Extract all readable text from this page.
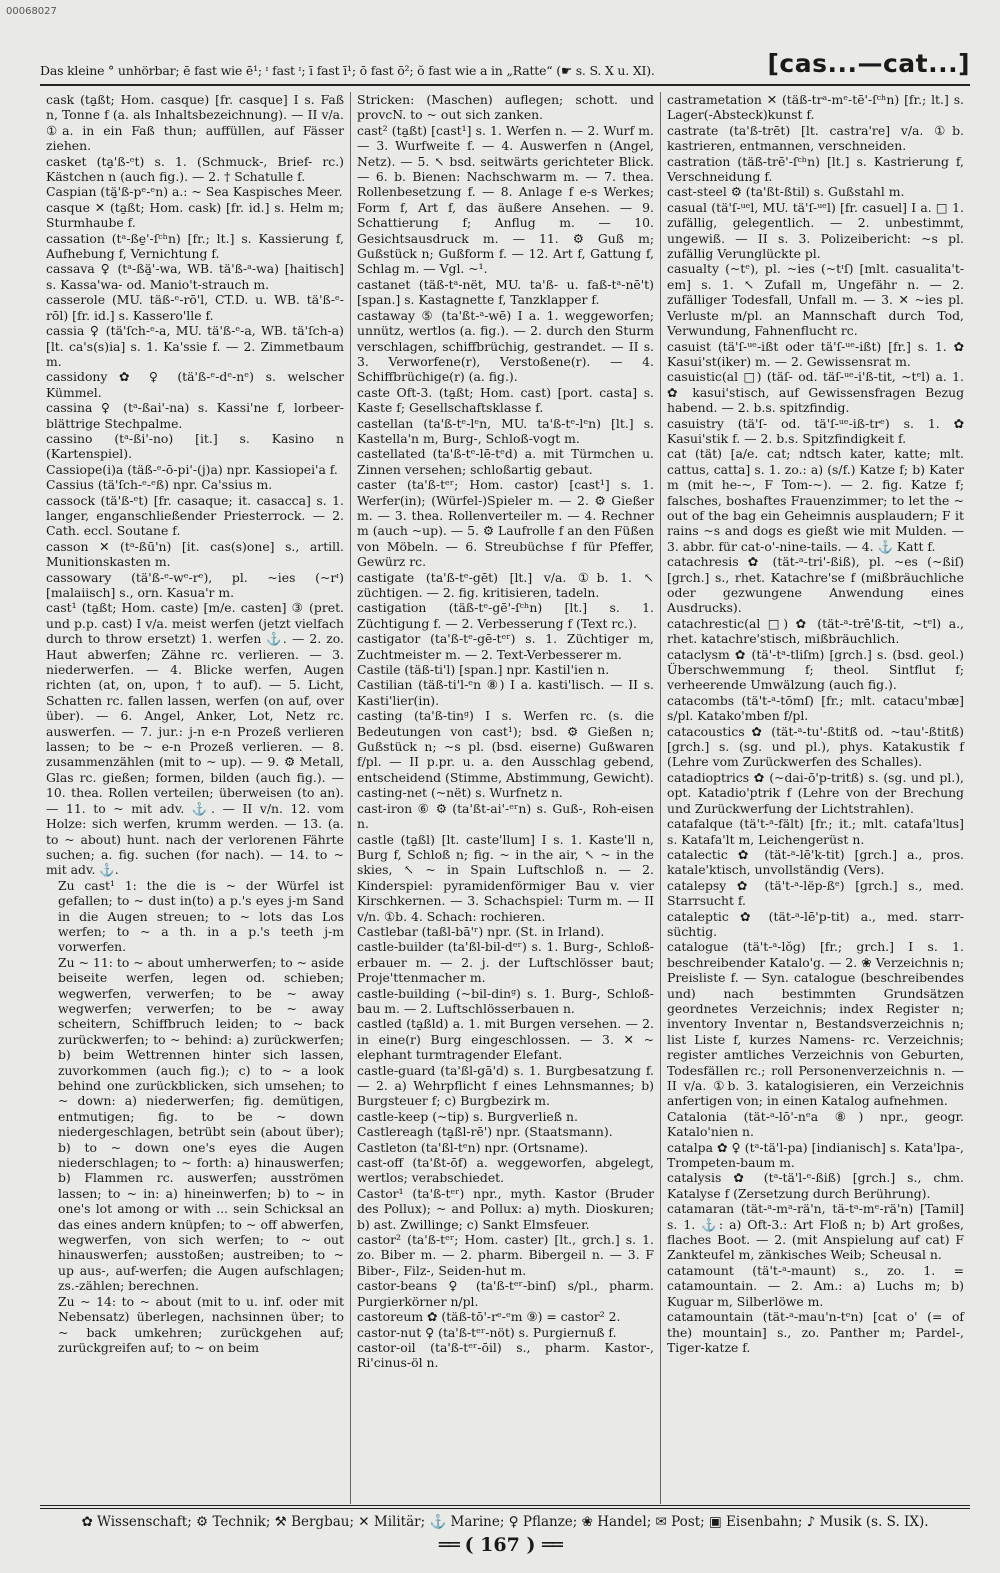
00068027
Das kleine ° unhörbar; ē fast wie ē¹; ᶦ fast ᶦ; ī fast ī¹; ō fast ō²; ŏ fast wie a in „Ratte“ (☛ s. S. X u. XI).	[cas...—cat...]

cask (ta̱ßt; Hom. casque) [fr. casque] I s. Faß n, Tonne f (a. als Inhaltsbezeichnung). — II v/a. ①a. in ein Faß thun; auffüllen, auf Fässer ziehen.

casket (ta̱'ß-ᵉt) s. 1. (Schmuck-, Brief- rc.) Kästchen n (auch fig.). — 2. † Schatulle f.

Caspian (tä̱'ß-pᵉ-ᵉn) a.: ~ Sea Kaspisches Meer.

casque ✕ (ta̱ßt; Hom. cask) [fr. id.] s. Helm m; Sturmhaube f.

cassation (tᵃ-ße̱'-ſᶜʰn) [fr.; lt.] s. Kassierung f, Aufhebung f, Vernichtung f.

cassava ♀ (tᵃ-ßä̱'-wa, WB. tä'ß-ᵃ-wa) [haitisch] s. Kassa'wa- od. Manio't-strauch m.

casserole (MU. täß-ᵉ-rō'l, CT.D. u. WB. tä'ß-ᵉ-rōl) [fr. id.] s. Kassero'lle f.

cassia ♀ (tä'ſch-ᵉ-a, MU. tä'ß-ᵉ-a, WB. tä'ſch-a) [lt. ca's(s)ia] s. 1. Ka'ssie f. — 2. Zimmetbaum m.

cassidony ✿ ♀ (tä'ß-ᵉ-dᵉ-nᵉ) s. welscher Kümmel.

cassina ♀ (tᵃ-ßai'-na) s. Kassi'ne f, lorbeer-blättrige Stechpalme.

cassino (tᵃ-ßi'-no) [it.] s. Kasino n (Kartenspiel).

Cassiope(i)a (täß-ᵉ-ō-pi'-(j)a) npr. Kassiopei'a f.

Cassius (tä'ſch-ᵉ-ᵉß) npr. Ca'ssius m.

cassock (tä'ß-ᵉt) [fr. casaque; it. casacca] s. 1. langer, enganschließender Priesterrock. — 2. Cath. eccl. Soutane f.

casson ✕ (tᵃ-ßū'n) [it. cas(s)one] s., artill. Munitionskasten m.

cassowary (tä'ß-ᵉ-wᵉ-rᵉ), pl. ~ies (~rᶦ) [malaiisch] s., orn. Kasua'r m.

cast¹ (ta̱ßt; Hom. caste) [m/e. casten] ③ (pret. und p.p. cast) I v/a. meist werfen (jetzt vielfach durch to throw ersetzt) 1. werfen ⚓. — 2. zo. Haut abwerfen; Zähne rc. verlieren. — 3. niederwerfen. — 4. Blicke werfen, Augen richten (at, on, upon, † to auf). — 5. Licht, Schatten rc. fallen lassen, werfen (on auf, over über). — 6. Angel, Anker, Lot, Netz rc. auswerfen. — 7. jur.: j-n e-n Prozeß verlieren lassen; to be ~ e-n Prozeß verlieren. — 8. zusammenzählen (mit to ~ up). — 9. ⚙ Metall, Glas rc. gießen; formen, bilden (auch fig.). — 10. thea. Rollen verteilen; überweisen (to an). — 11. to ~ mit adv. ⚓. — II v/n. 12. vom Holze: sich werfen, krumm werden. — 13. (a. to ~ about) hunt. nach der verlorenen Fährte suchen; a. fig. suchen (for nach). — 14. to ~ mit adv. ⚓.

Zu cast¹ 1: the die is ~ der Würfel ist gefallen; to ~ dust in(to) a p.'s eyes j-m Sand in die Augen streuen; to ~ lots das Los werfen; to ~ a th. in a p.'s teeth j-m vorwerfen.

Zu ~ 11: to ~ about umherwerfen; to ~ aside beiseite werfen, legen od. schieben; wegwerfen, verwerfen; to be ~ away wegwerfen; verwerfen; to be ~ away scheitern, Schiffbruch leiden; to ~ back zurückwerfen; to ~ behind: a) zurückwerfen; b) beim Wettrennen hinter sich lassen, zuvorkommen (auch fig.); c) to ~ a look behind one zurückblicken, sich umsehen; to ~ down: a) niederwerfen; fig. demütigen, entmutigen; fig. to be ~ down niedergeschlagen, betrübt sein (about über); b) to ~ down one's eyes die Augen niederschlagen; to ~ forth: a) hinauswerfen; b) Flammen rc. auswerfen; ausströmen lassen; to ~ in: a) hineinwerfen; b) to ~ in one's lot among or with ... sein Schicksal an das eines andern knüpfen; to ~ off abwerfen, wegwerfen, von sich werfen; to ~ out hinauswerfen; ausstoßen; austreiben; to ~ up aus-, auf-werfen; die Augen aufschlagen; zs.-zählen; berechnen.

Zu ~ 14: to ~ about (mit to u. inf. oder mit Nebensatz) überlegen, nachsinnen über; to ~ back umkehren; zurückgehen auf; zurückgreifen auf; to ~ on beim

Stricken: (Maschen) auflegen; schott. und provcN. to ~ out sich zanken.

cast² (ta̱ßt) [cast¹] s. 1. Werfen n. — 2. Wurf m. — 3. Wurfweite f. — 4. Auswerfen n (Angel, Netz). — 5. ↖ bsd. seitwärts gerichteter Blick. — 6. b. Bienen: Nachschwarm m. — 7. thea. Rollenbesetzung f. — 8. Anlage f e-s Werkes; Form f, Art f, das äußere Ansehen. — 9. Schattierung f; Anflug m. — 10. Gesichtsausdruck m. — 11. ⚙ Guß m; Gußstück n; Gußform f. — 12. Art f, Gattung f, Schlag m. — Vgl. ~¹.

castanet (täß-tᵃ-nët, MU. ta'ß- u. faß-tᵃ-nē't) [span.] s. Kastagnette f, Tanzklapper f.

castaway ⑤ (ta'ßt-ᵃ-wē) I a. 1. weggeworfen; unnütz, wertlos (a. fig.). — 2. durch den Sturm verschlagen, schiffbrüchig, gestrandet. — II s. 3. Verworfene(r), Verstoßene(r). — 4. Schiffbrüchige(r) (a. fig.).

caste Oft-3. (ta̱ßt; Hom. cast) [port. casta] s. Kaste f; Gesellschaftsklasse f.

castellan (ta'ß-tᵉ-lᵉn, MU. ta'ß-tᵉ-lᵉn) [lt.] s. Kastella'n m, Burg-, Schloß-vogt m.

castellated (ta'ß-tᵉ-lē-tᵉd) a. mit Türmchen u. Zinnen versehen; schloßartig gebaut.

caster (ta'ß-tᵉʳ; Hom. castor) [cast¹] s. 1. Werfer(in); (Würfel-)Spieler m. — 2. ⚙ Gießer m. — 3. thea. Rollenverteiler m. — 4. Rechner m (auch ~up). — 5. ⚙ Laufrolle f an den Füßen von Möbeln. — 6. Streubüchse f für Pfeffer, Gewürz rc.

castigate (ta'ß-tᵉ-gēt) [lt.] v/a. ①b. 1. ↖ züchtigen. — 2. fig. kritisieren, tadeln.

castigation (täß-tᵉ-gē'-ſᶜʰn) [lt.] s. 1. Züchtigung f. — 2. Verbesserung f (Text rc.).

castigator (ta'ß-tᵉ-gē-tᵉʳ) s. 1. Züchtiger m, Zuchtmeister m. — 2. Text-Verbesserer m.

Castile (täß-ti'l) [span.] npr. Kastil'ien n.

Castilian (täß-ti'l-ᵉn ⑧) I a. kasti'lisch. — II s. Kasti'lier(in).

casting (ta'ß-tinᵍ) I s. Werfen rc. (s. die Bedeutungen von cast¹); bsd. ⚙ Gießen n; Gußstück n; ~s pl. (bsd. eiserne) Gußwaren f/pl. — II p.pr. u. a. den Ausschlag gebend, entscheidend (Stimme, Abstimmung, Gewicht).

casting-net (~nët) s. Wurfnetz n.

cast-iron ⑥ ⚙ (ta'ßt-ai'-ᵉʳn) s. Guß-, Roh-eisen n.

castle (ta̱ßl) [lt. caste'llum] I s. 1. Kaste'll n, Burg f, Schloß n; fig. ~ in the air, ↖ ~ in the skies, ↖ ~ in Spain Luftschloß n. — 2. Kinderspiel: pyramidenförmiger Bau v. vier Kirschkernen. — 3. Schachspiel: Turm m. — II v/n. ①b. 4. Schach: rochieren.

Castlebar (taßl-bā'ʳ) npr. (St. in Irland).

castle-builder (ta'ßl-bil-dᵉʳ) s. 1. Burg-, Schloß-erbauer m. — 2. j. der Luftschlösser baut; Proje'ttenmacher m.

castle-building (~bil-dinᵍ) s. 1. Burg-, Schloß-bau m. — 2. Luftschlösserbauen n.

castled (ta̱ßld) a. 1. mit Burgen versehen. — 2. in eine(r) Burg eingeschlossen. — 3. ✕ ~ elephant turmtragender Elefant.

castle-guard (ta'ßl-gā'd) s. 1. Burgbesatzung f. — 2. a) Wehrpflicht f eines Lehnsmannes; b) Burgsteuer f; c) Burgbezirk m.

castle-keep (~tip) s. Burgverließ n.

Castlereagh (ta̱ßl-rē') npr. (Staatsmann).

Castleton (ta'ßl-tᵉn) npr. (Ortsname).

cast-off (ta'ßt-ōf) a. weggeworfen, abgelegt, wertlos; verabschiedet.

Castor¹ (ta'ß-tᵉʳ) npr., myth. Kastor (Bruder des Pollux); ~ and Pollux: a) myth. Dioskuren; b) ast. Zwillinge; c) Sankt Elmsfeuer.

castor² (ta'ß-tᵉʳ; Hom. caster) [lt., grch.] s. 1. zo. Biber m. — 2. pharm. Bibergeil n. — 3. F Biber-, Filz-, Seiden-hut m.

castor-beans ♀ (ta'ß-tᵉʳ-binſ) s/pl., pharm. Purgierkörner n/pl.

castoreum ✿ (täß-tō'-rᵉ-ᵉm ⑨) = castor² 2.

castor-nut ♀ (ta'ß-tᵉʳ-nöt) s. Purgiernuß f.

castor-oil (ta'ß-tᵉʳ-ōil) s., pharm. Kastor-, Ri'cinus-öl n.

castrametation ✕ (täß-trᵃ-mᵉ-tē'-ſᶜʰn) [fr.; lt.] s. Lager(-Absteck)kunst f.

castrate (ta'ß-trēt) [lt. castra're] v/a. ①b. kastrieren, entmannen, verschneiden.

castration (täß-trē'-ſᶜʰn) [lt.] s. Kastrierung f, Verschneidung f.

cast-steel ⚙ (ta'ßt-ßtil) s. Gußstahl m.

casual (tä'ſ-ᵘᵉl, MU. tä'ſ-ᵘᵉl) [fr. casuel] I a. □ 1. zufällig, gelegentlich. — 2. unbestimmt, ungewiß. — II s. 3. Polizeibericht: ~s pl. zufällig Verunglückte pl.

casualty (~tᵉ), pl. ~ies (~tᶦſ) [mlt. casualita't-em] s. 1. ↖ Zufall m, Ungefähr n. — 2. zufälliger Todesfall, Unfall m. — 3. ✕ ~ies pl. Verluste m/pl. an Mannschaft durch Tod, Verwundung, Fahnenflucht rc.

casuist (tä'ſ-ᵘᵉ-ißt oder tä'ſ-ᵘᵉ-ißt) [fr.] s. 1. ✿ Kasui'st(iker) m. — 2. Gewissensrat m.

casuistic(al □) (täſ- od. täſ-ᵘᵉ-i'ß-tit, ~tᵉl) a. 1. ✿ kasui'stisch, auf Gewissensfragen Bezug habend. — 2. b.s. spitzfindig.

casuistry (tä'ſ- od. tä'ſ-ᵘᵉ-iß-trᵉ) s. 1. ✿ Kasui'stik f. — 2. b.s. Spitzfindigkeit f.

cat (tät) [a/e. cat; ndtsch kater, katte; mlt. cattus, catta] s. 1. zo.: a) (s/f.) Katze f; b) Kater m (mit he-~, F Tom-~). — 2. fig. Katze f; falsches, boshaftes Frauenzimmer; to let the ~ out of the bag ein Geheimnis ausplaudern; F it rains ~s and dogs es gießt wie mit Mulden. — 3. abbr. für cat-o'-nine-tails. — 4. ⚓ Katt f.

catachresis ✿ (tät-ᵃ-tri'-ßiß), pl. ~es (~ßiſ) [grch.] s., rhet. Katachre'se f (mißbräuchliche oder gezwungene Anwendung eines Ausdrucks).

catachrestic(al □) ✿ (tät-ᵃ-trē'ß-tit, ~tᵉl) a., rhet. katachre'stisch, mißbräuchlich.

cataclysm ✿ (tä'-tᵃ-tliſm) [grch.] s. (bsd. geol.) Überschwemmung f; theol. Sintflut f; verheerende Umwälzung (auch fig.).

catacombs (tä't-ᵃ-tōmſ) [fr.; mlt. catacu'mbæ] s/pl. Katako'mben f/pl.

catacoustics ✿ (tät-ᵃ-tu'-ßtitß od. ~tau'-ßtitß) [grch.] s. (sg. und pl.), phys. Katakustik f (Lehre vom Zurückwerfen des Schalles).

catadioptrics ✿ (~dai-ō'p-tritß) s. (sg. und pl.), opt. Katadio'ptrik f (Lehre von der Brechung und Zurückwerfung der Lichtstrahlen).

catafalque (tä't-ᵃ-fält) [fr.; it.; mlt. catafa'ltus] s. Katafa'lt m, Leichengerüst n.

catalectic ✿ (tät-ᵃ-lē'k-tit) [grch.] a., pros. katale'ktisch, unvollständig (Vers).

catalepsy ✿ (tä't-ᵃ-lëp-ßᵉ) [grch.] s., med. Starrsucht f.

cataleptic ✿ (tät-ᵃ-lē'p-tit) a., med. starr-süchtig.

catalogue (tä't-ᵃ-lŏg) [fr.; grch.] I s. 1. beschreibender Katalo'g. — 2. ❀ Verzeichnis n; Preisliste f. — Syn. catalogue (beschreibendes und) nach bestimmten Grundsätzen geordnetes Verzeichnis; index Register n; inventory Inventar n, Bestandsverzeichnis n; list Liste f, kurzes Namens- rc. Verzeichnis; register amtliches Verzeichnis von Geburten, Todesfällen rc.; roll Personenverzeichnis n. — II v/a. ①b. 3. katalogisieren, ein Verzeichnis anfertigen von; in einen Katalog aufnehmen.

Catalonia (tät-ᵃ-lō'-nᵉa ⑧) npr., geogr. Katalo'nien n.

catalpa ✿ ♀ (tᵃ-tä'l-pa) [indianisch] s. Kata'lpa-, Trompeten-baum m.

catalysis ✿ (tᵃ-tä'l-ᵉ-ßiß) [grch.] s., chm. Katalyse f (Zersetzung durch Berührung).

catamaran (tät-ᵃ-mᵃ-rä'n, tä-tᵃ-mᵉ-rä'n) [Tamil] s. 1. ⚓: a) Oft-3.: Art Floß n; b) Art großes, flaches Boot. — 2. (mit Anspielung auf cat) F Zankteufel m, zänkisches Weib; Scheusal n.

catamount (tä't-ᵃ-maunt) s., zo. 1. = catamountain. — 2. Am.: a) Luchs m; b) Kuguar m, Silberlöwe m.

catamountain (tät-ᵃ-mau'n-tᵉn) [cat o' (= of the) mountain] s., zo. Panther m; Pardel-, Tiger-katze f.

✿ Wissenschaft; ⚙ Technik; ⚒ Bergbau; ✕ Militär; ⚓ Marine; ♀ Pflanze; ❀ Handel; ✉ Post; ▣ Eisenbahn; ♪ Musik (s. S. IX).
══ ( 167 ) ══
